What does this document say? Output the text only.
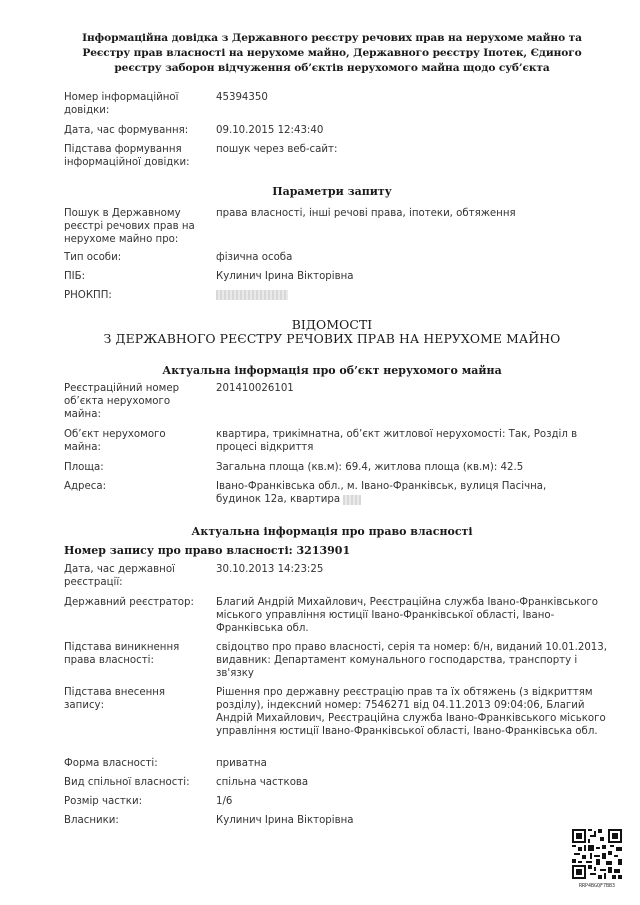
Інформаційна довідка з Державного реєстру речових прав на нерухоме майно та Реєстру прав власності на нерухоме майно, Державного реєстру Іпотек, Єдиного реєстру заборон відчуження об’єктів нерухомого майна щодо суб’єкта
Номер інформаційної довідки:
45394350
Дата, час формування:	09.10.2015 12:43:40
Підстава формування інформаційної довідки:
пошук через веб-сайт:
Параметри запиту
Пошук в Державному реєстрі речових прав на нерухоме майно про:
права власності, інші речові права, іпотеки, обтяження
Тип особи:	фізична особа
ПІБ:	Кулинич Ірина Вікторівна
РНОКПП:
ВІДОМОСТІ
З ДЕРЖАВНОГО РЕЄСТРУ РЕЧОВИХ ПРАВ НА НЕРУХОМЕ МАЙНО
Актуальна інформація про об’єкт нерухомого майна
Реєстраційний номер об’єкта нерухомого майна:
201410026101
Об’єкт нерухомого майна:
квартира, трикімнатна, об’єкт житлової нерухомості: Так, Розділ в процесі відкриття
Площа:	Загальна площа (кв.м): 69.4, житлова площа (кв.м): 42.5
Адреса:	Івано-Франківська обл., м. Івано-Франківськ, вулиця Пасічна, будинок 12а, квартира
Актуальна інформація про право власності
Номер запису про право власності: 3213901
Дата, час державної реєстрації:
30.10.2013 14:23:25
Державний реєстратор:	Благий Андрій Михайлович, Реєстраційна служба Івано-Франківського міського управління юстиції Івано-Франківської області, Івано-Франківська обл.
Підстава виникнення права власності:
свідоцтво про право власності, серія та номер: б/н, виданий 10.01.2013, видавник: Департамент комунального господарства, транспорту і зв'язку
Підстава внесення запису:
Рішення про державну реєстрацію прав та їх обтяжень (з відкриттям розділу), індексний номер: 7546271 від 04.11.2013 09:04:06, Благий Андрій Михайлович, Реєстраційна служба Івано-Франківського міського управління юстиції Івано-Франківської області, Івано-Франківська обл.
Форма власності:	приватна
Вид спільної власності:	спільна часткова
Розмір частки:	1/6
Власники:	Кулинич Ірина Вікторівна
RRP4BGQF7BB3
